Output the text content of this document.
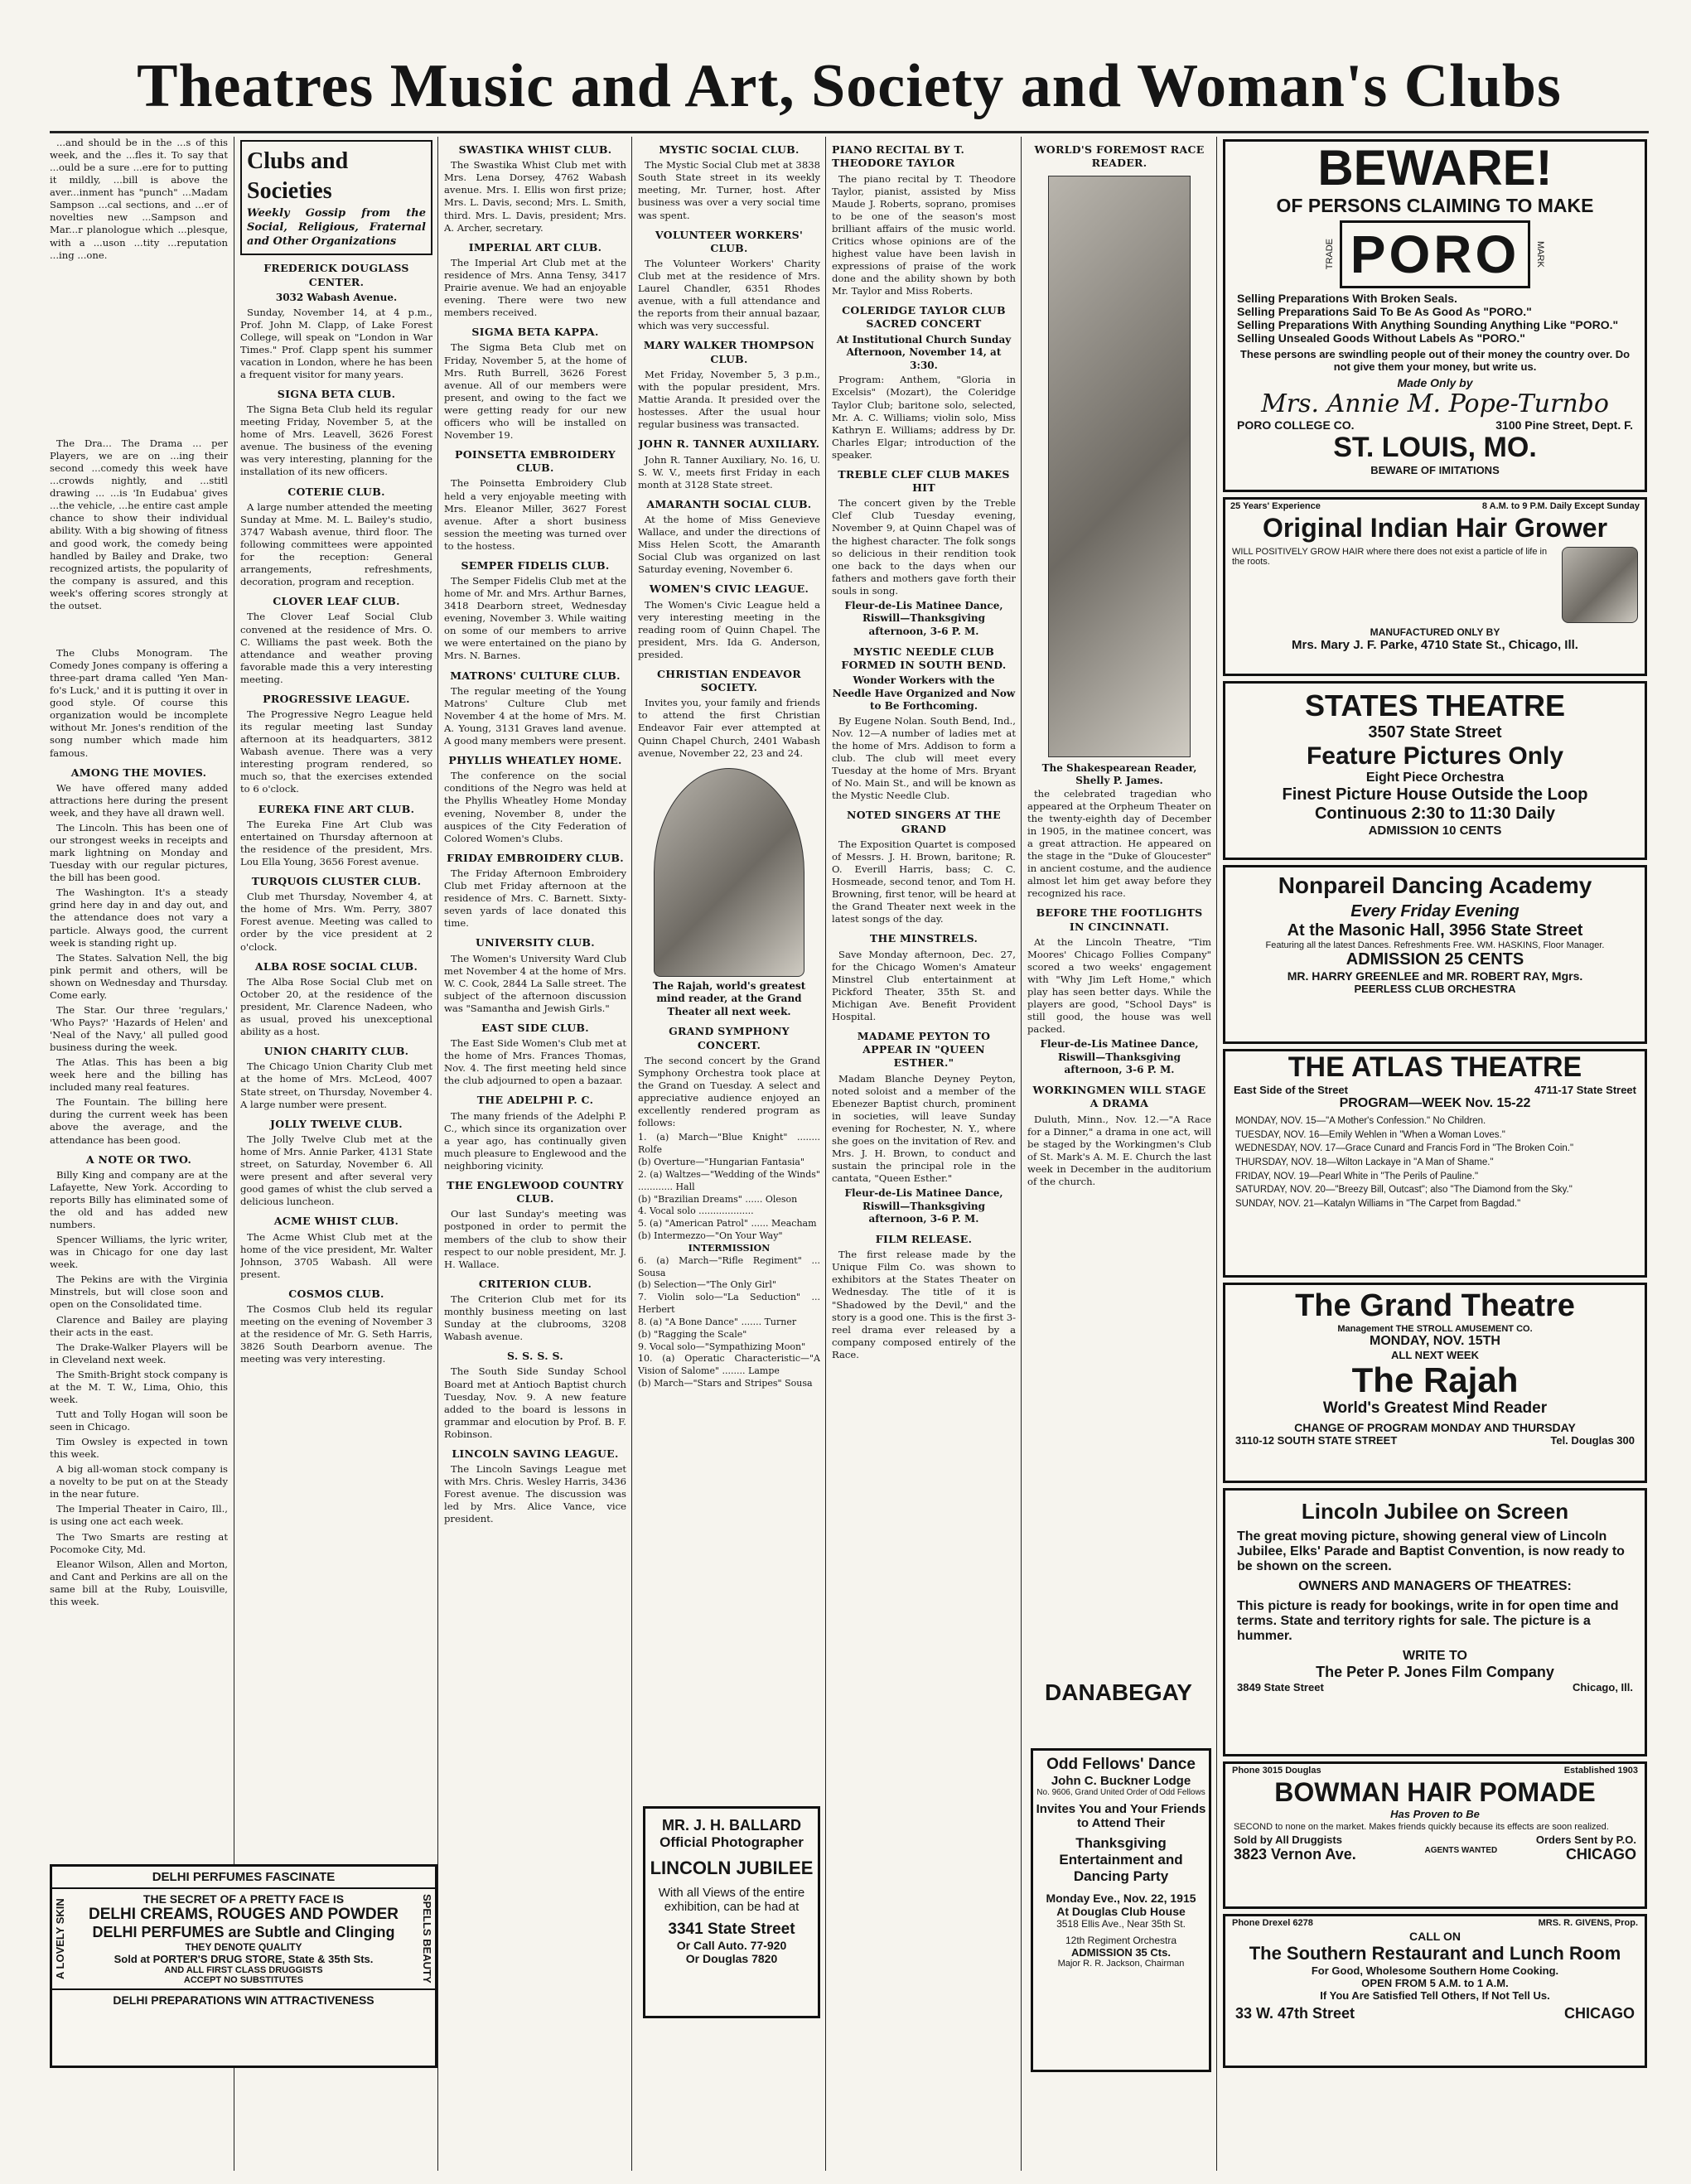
Theatres Music and Art, Society and Woman's Clubs

...and should be in the ...s of this week, and the ...fles it. To say that ...ould be a sure ...ere for to putting it mildly, ...bill is above the aver...inment has "punch" ...Madam Sampson ...cal sections, and ...er of novelties new ...Sampson and Mar...r planologue which ...plesque, with a ...uson ...tity ...reputation ...ing ...one.

The Dra... The Drama ... per Players, we are on ...ing their second ...comedy this week have ...crowds nightly, and ...stitl drawing ... ...is 'In Eudabua' gives ...the vehicle, ...he entire cast ample chance to show their individual ability. With a big showing of fitness and good work, the comedy being handled by Bailey and Drake, two recognized artists, the popularity of the company is assured, and this week's offering scores strongly at the outset.

The Clubs Monogram. The Comedy Jones company is offering a three-part drama called 'Yen Man-fo's Luck,' and it is putting it over in good style. Of course this organization would be incomplete without Mr. Jones's rendition of the song number which made him famous.

AMONG THE MOVIES.

We have offered many added attractions here during the present week, and they have all drawn well.

The Lincoln. This has been one of our strongest weeks in receipts and mark lightning on Monday and Tuesday with our regular pictures, the bill has been good.

The Washington. It's a steady grind here day in and day out, and the attendance does not vary a particle. Always good, the current week is standing right up.

The States. Salvation Nell, the big pink permit and others, will be shown on Wednesday and Thursday. Come early.

The Star. Our three 'regulars,' 'Who Pays?' 'Hazards of Helen' and 'Neal of the Navy,' all pulled good business during the week.

The Atlas. This has been a big week here and the billing has included many real features.

The Fountain. The billing here during the current week has been above the average, and the attendance has been good.

A NOTE OR TWO.

Billy King and company are at the Lafayette, New York. According to reports Billy has eliminated some of the old and has added new numbers.

Spencer Williams, the lyric writer, was in Chicago for one day last week.

The Pekins are with the Virginia Minstrels, but will close soon and open on the Consolidated time.

Clarence and Bailey are playing their acts in the east.

The Drake-Walker Players will be in Cleveland next week.

The Smith-Bright stock company is at the M. T. W., Lima, Ohio, this week.

Tutt and Tolly Hogan will soon be seen in Chicago.

Tim Owsley is expected in town this week.

A big all-woman stock company is a novelty to be put on at the Steady in the near future.

The Imperial Theater in Cairo, Ill., is using one act each week.

The Two Smarts are resting at Pocomoke City, Md.

Eleanor Wilson, Allen and Morton, and Cant and Perkins are all on the same bill at the Ruby, Louisville, this week.

Clubs and Societies
Weekly Gossip from the Social, Religious, Fraternal and Other Organizations
FREDERICK DOUGLASS CENTER.
3032 Wabash Avenue.

Sunday, November 14, at 4 p.m., Prof. John M. Clapp, of Lake Forest College, will speak on "London in War Times." Prof. Clapp spent his summer vacation in London, where he has been a frequent visitor for many years.

SIGNA BETA CLUB.

The Signa Beta Club held its regular meeting Friday, November 5, at the home of Mrs. Leavell, 3626 Forest avenue. The business of the evening was very interesting, planning for the installation of its new officers.

COTERIE CLUB.

A large number attended the meeting Sunday at Mme. M. L. Bailey's studio, 3747 Wabash avenue, third floor. The following committees were appointed for the reception: General arrangements, refreshments, decoration, program and reception.

CLOVER LEAF CLUB.

The Clover Leaf Social Club convened at the residence of Mrs. O. C. Williams the past week. Both the attendance and weather proving favorable made this a very interesting meeting.

PROGRESSIVE LEAGUE.

The Progressive Negro League held its regular meeting last Sunday afternoon at its headquarters, 3812 Wabash avenue. There was a very interesting program rendered, so much so, that the exercises extended to 6 o'clock.

EUREKA FINE ART CLUB.

The Eureka Fine Art Club was entertained on Thursday afternoon at the residence of the president, Mrs. Lou Ella Young, 3656 Forest avenue.

TURQUOIS CLUSTER CLUB.

Club met Thursday, November 4, at the home of Mrs. Wm. Perry, 3807 Forest avenue. Meeting was called to order by the vice president at 2 o'clock.

ALBA ROSE SOCIAL CLUB.

The Alba Rose Social Club met on October 20, at the residence of the president, Mr. Clarence Nadeen, who as usual, proved his unexceptional ability as a host.

UNION CHARITY CLUB.

The Chicago Union Charity Club met at the home of Mrs. McLeod, 4007 State street, on Thursday, November 4. A large number were present.

JOLLY TWELVE CLUB.

The Jolly Twelve Club met at the home of Mrs. Annie Parker, 4131 State street, on Saturday, November 6. All were present and after several very good games of whist the club served a delicious luncheon.

ACME WHIST CLUB.

The Acme Whist Club met at the home of the vice president, Mr. Walter Johnson, 3705 Wabash. All were present.

COSMOS CLUB.

The Cosmos Club held its regular meeting on the evening of November 3 at the residence of Mr. G. Seth Harris, 3826 South Dearborn avenue. The meeting was very interesting.

SWASTIKA WHIST CLUB.

The Swastika Whist Club met with Mrs. Lena Dorsey, 4762 Wabash avenue. Mrs. I. Ellis won first prize; Mrs. L. Davis, second; Mrs. L. Smith, third. Mrs. L. Davis, president; Mrs. A. Archer, secretary.

IMPERIAL ART CLUB.

The Imperial Art Club met at the residence of Mrs. Anna Tensy, 3417 Prairie avenue. We had an enjoyable evening. There were two new members received.

SIGMA BETA KAPPA.

The Sigma Beta Club met on Friday, November 5, at the home of Mrs. Ruth Burrell, 3626 Forest avenue. All of our members were present, and owing to the fact we were getting ready for our new officers who will be installed on November 19.

POINSETTA EMBROIDERY CLUB.

The Poinsetta Embroidery Club held a very enjoyable meeting with Mrs. Eleanor Miller, 3627 Forest avenue. After a short business session the meeting was turned over to the hostess.

SEMPER FIDELIS CLUB.

The Semper Fidelis Club met at the home of Mr. and Mrs. Arthur Barnes, 3418 Dearborn street, Wednesday evening, November 3. While waiting on some of our members to arrive we were entertained on the piano by Mrs. N. Barnes.

MATRONS' CULTURE CLUB.

The regular meeting of the Young Matrons' Culture Club met November 4 at the home of Mrs. M. A. Young, 3131 Graves land avenue. A good many members were present.

PHYLLIS WHEATLEY HOME.

The conference on the social conditions of the Negro was held at the Phyllis Wheatley Home Monday evening, November 8, under the auspices of the City Federation of Colored Women's Clubs.

FRIDAY EMBROIDERY CLUB.

The Friday Afternoon Embroidery Club met Friday afternoon at the residence of Mrs. C. Barnett. Sixty-seven yards of lace donated this time.

UNIVERSITY CLUB.

The Women's University Ward Club met November 4 at the home of Mrs. W. C. Cook, 2844 La Salle street. The subject of the afternoon discussion was "Samantha and Jewish Girls."

EAST SIDE CLUB.

The East Side Women's Club met at the home of Mrs. Frances Thomas, Nov. 4. The first meeting held since the club adjourned to open a bazaar.

THE ADELPHI P. C.

The many friends of the Adelphi P. C., which since its organization over a year ago, has continually given much pleasure to Englewood and the neighboring vicinity.

THE ENGLEWOOD COUNTRY CLUB.

Our last Sunday's meeting was postponed in order to permit the members of the club to show their respect to our noble president, Mr. J. H. Wallace.

CRITERION CLUB.

The Criterion Club met for its monthly business meeting on last Sunday at the clubrooms, 3208 Wabash avenue.

S. S. S. S.

The South Side Sunday School Board met at Antioch Baptist church Tuesday, Nov. 9. A new feature added to the board is lessons in grammar and elocution by Prof. B. F. Robinson.

LINCOLN SAVING LEAGUE.

The Lincoln Savings League met with Mrs. Chris. Wesley Harris, 3436 Forest avenue. The discussion was led by Mrs. Alice Vance, vice president.

MYSTIC SOCIAL CLUB.

The Mystic Social Club met at 3838 South State street in its weekly meeting, Mr. Turner, host. After business was over a very social time was spent.

VOLUNTEER WORKERS' CLUB.

The Volunteer Workers' Charity Club met at the residence of Mrs. Laurel Chandler, 6351 Rhodes avenue, with a full attendance and the reports from their annual bazaar, which was very successful.

MARY WALKER THOMPSON CLUB.

Met Friday, November 5, 3 p.m., with the popular president, Mrs. Mattie Aranda. It presided over the hostesses. After the usual hour regular business was transacted.

JOHN R. TANNER AUXILIARY.

John R. Tanner Auxiliary, No. 16, U. S. W. V., meets first Friday in each month at 3128 State street.

AMARANTH SOCIAL CLUB.

At the home of Miss Genevieve Wallace, and under the directions of Miss Helen Scott, the Amaranth Social Club was organized on last Saturday evening, November 6.

WOMEN'S CIVIC LEAGUE.

The Women's Civic League held a very interesting meeting in the reading room of Quinn Chapel. The president, Mrs. Ida G. Anderson, presided.

CHRISTIAN ENDEAVOR SOCIETY.

Invites you, your family and friends to attend the first Christian Endeavor Fair ever attempted at Quinn Chapel Church, 2401 Wabash avenue, November 22, 23 and 24.

The Rajah, world's greatest mind reader, at the Grand Theater all next week.
GRAND SYMPHONY CONCERT.

The second concert by the Grand Symphony Orchestra took place at the Grand on Tuesday. A select and appreciative audience enjoyed an excellently rendered program as follows:

1. (a) March—"Blue Knight" ........ Rolfe
(b) Overture—"Hungarian Fantasia"
2. (a) Waltzes—"Wedding of the Winds" ............ Hall
(b) "Brazilian Dreams" ...... Oleson
4. Vocal solo ...................
5. (a) "American Patrol" ...... Meacham
(b) Intermezzo—"On Your Way"
INTERMISSION
6. (a) March—"Rifle Regiment" ... Sousa
(b) Selection—"The Only Girl"
7. Violin solo—"La Seduction" ... Herbert
8. (a) "A Bone Dance" ....... Turner
(b) "Ragging the Scale"
9. Vocal solo—"Sympathizing Moon"
10. (a) Operatic Characteristic—"A Vision of Salome" ........ Lampe
(b) March—"Stars and Stripes" Sousa
MR. J. H. BALLARD
Official Photographer
LINCOLN JUBILEE
With all Views of the entire exhibition, can be had at
3341 State Street
Or Call Auto. 77-920
Or Douglas 7820
PIANO RECITAL BY T. THEODORE TAYLOR

The piano recital by T. Theodore Taylor, pianist, assisted by Miss Maude J. Roberts, soprano, promises to be one of the season's most brilliant affairs of the music world. Critics whose opinions are of the highest value have been lavish in expressions of praise of the work done and the ability shown by both Mr. Taylor and Miss Roberts.

COLERIDGE TAYLOR CLUB SACRED CONCERT
At Institutional Church Sunday Afternoon, November 14, at 3:30.

Program: Anthem, "Gloria in Excelsis" (Mozart), the Coleridge Taylor Club; baritone solo, selected, Mr. A. C. Williams; violin solo, Miss Kathryn E. Williams; address by Dr. Charles Elgar; introduction of the speaker.

TREBLE CLEF CLUB MAKES HIT

The concert given by the Treble Clef Club Tuesday evening, November 9, at Quinn Chapel was of the highest character. The folk songs so delicious in their rendition took one back to the days when our fathers and mothers gave forth their souls in song.

Fleur-de-Lis Matinee Dance, Riswill—Thanksgiving afternoon, 3-6 P. M.
MYSTIC NEEDLE CLUB FORMED IN SOUTH BEND.
Wonder Workers with the Needle Have Organized and Now to Be Forthcoming.

By Eugene Nolan. South Bend, Ind., Nov. 12—A number of ladies met at the home of Mrs. Addison to form a club. The club will meet every Tuesday at the home of Mrs. Bryant of No. Main St., and will be known as the Mystic Needle Club.

NOTED SINGERS AT THE GRAND

The Exposition Quartet is composed of Messrs. J. H. Brown, baritone; R. O. Everill Harris, bass; C. C. Hosmeade, second tenor, and Tom H. Browning, first tenor, will be heard at the Grand Theater next week in the latest songs of the day.

THE MINSTRELS.

Save Monday afternoon, Dec. 27, for the Chicago Women's Amateur Minstrel Club entertainment at Pickford Theater, 35th St. and Michigan Ave. Benefit Provident Hospital.

MADAME PEYTON TO APPEAR IN "QUEEN ESTHER."

Madam Blanche Deyney Peyton, noted soloist and a member of the Ebenezer Baptist church, prominent in societies, will leave Sunday evening for Rochester, N. Y., where she goes on the invitation of Rev. and Mrs. J. H. Brown, to conduct and sustain the principal role in the cantata, "Queen Esther."

Fleur-de-Lis Matinee Dance, Riswill—Thanksgiving afternoon, 3-6 P. M.
FILM RELEASE.

The first release made by the Unique Film Co. was shown to exhibitors at the States Theater on Wednesday. The title of it is "Shadowed by the Devil," and the story is a good one. This is the first 3-reel drama ever released by a company composed entirely of the Race.

WORLD'S FOREMOST RACE READER.
The Shakespearean Reader, Shelly P. James.

the celebrated tragedian who appeared at the Orpheum Theater on the twenty-eighth day of December in 1905, in the matinee concert, was a great attraction. He appeared on the stage in the "Duke of Gloucester" in ancient costume, and the audience almost let him get away before they recognized his race.

BEFORE THE FOOTLIGHTS IN CINCINNATI.

At the Lincoln Theatre, "Tim Moores' Chicago Follies Company" scored a two weeks' engagement with "Why Jim Left Home," which play has seen better days. While the players are good, "School Days" is still good, the house was well packed.

Fleur-de-Lis Matinee Dance, Riswill—Thanksgiving afternoon, 3-6 P. M.
WORKINGMEN WILL STAGE A DRAMA

Duluth, Minn., Nov. 12.—"A Race for a Dinner," a drama in one act, will be staged by the Workingmen's Club of St. Mark's A. M. E. Church the last week in December in the auditorium of the church.

DANABEGAY
Odd Fellows' Dance
John C. Buckner Lodge
No. 9606, Grand United Order of Odd Fellows
Invites You and Your Friends to Attend Their
Thanksgiving Entertainment and Dancing Party
Monday Eve., Nov. 22, 1915
At Douglas Club House
3518 Ellis Ave., Near 35th St.
12th Regiment Orchestra
ADMISSION 35 Cts.
Major R. R. Jackson, Chairman
BEWARE!
OF PERSONS CLAIMING TO MAKE
TRADE PORO	MARK
Selling Preparations With Broken Seals.
Selling Preparations Said To Be As Good As "PORO."
Selling Preparations With Anything Sounding Anything Like "PORO."
Selling Unsealed Goods Without Labels As "PORO."
These persons are swindling people out of their money the country over. Do not give them your money, but write us.
Made Only by
Mrs. Annie M. Pope-Turnbo
PORO COLLEGE CO.	3100 Pine Street, Dept. F.
ST. LOUIS, MO.
BEWARE OF IMITATIONS
25 Years' Experience	8 A.M. to 9 P.M. Daily Except Sunday
Original Indian Hair Grower
WILL POSITIVELY GROW HAIR where there does not exist a particle of life in the roots.
MANUFACTURED ONLY BY
Mrs. Mary J. F. Parke, 4710 State St., Chicago, Ill.
STATES THEATRE
3507 State Street
Feature Pictures Only
Eight Piece Orchestra
Finest Picture House Outside the Loop
Continuous 2:30 to 11:30 Daily
ADMISSION 10 CENTS
Nonpareil Dancing Academy
Every Friday Evening
At the Masonic Hall, 3956 State Street
Featuring all the latest Dances. Refreshments Free. WM. HASKINS, Floor Manager.
ADMISSION 25 CENTS
MR. HARRY GREENLEE and MR. ROBERT RAY, Mgrs.
PEERLESS CLUB ORCHESTRA
THE ATLAS THEATRE
East Side of the Street	4711-17 State Street
PROGRAM—WEEK Nov. 15-22
MONDAY, NOV. 15—"A Mother's Confession." No Children.
TUESDAY, NOV. 16—Emily Wehlen in "When a Woman Loves."
WEDNESDAY, NOV. 17—Grace Cunard and Francis Ford in "The Broken Coin."
THURSDAY, NOV. 18—Wilton Lackaye in "A Man of Shame."
FRIDAY, NOV. 19—Pearl White in "The Perils of Pauline."
SATURDAY, NOV. 20—"Breezy Bill, Outcast"; also "The Diamond from the Sky."
SUNDAY, NOV. 21—Katalyn Williams in "The Carpet from Bagdad."
The Grand Theatre
Management THE STROLL AMUSEMENT CO.
MONDAY, NOV. 15TH
ALL NEXT WEEK
The Rajah
World's Greatest Mind Reader
CHANGE OF PROGRAM MONDAY AND THURSDAY
3110-12 SOUTH STATE STREET	Tel. Douglas 300
Lincoln Jubilee on Screen
The great moving picture, showing general view of Lincoln Jubilee, Elks' Parade and Baptist Convention, is now ready to be shown on the screen.
OWNERS AND MANAGERS OF THEATRES:
This picture is ready for bookings, write in for open time and terms. State and territory rights for sale. The picture is a hummer.
WRITE TO
The Peter P. Jones Film Company
3849 State Street	Chicago, Ill.
Phone 3015 Douglas	Established 1903
BOWMAN HAIR POMADE
Has Proven to Be
SECOND to none on the market. Makes friends quickly because its effects are soon realized.
Sold by All Druggists	Orders Sent by P.O.
3823 Vernon Ave.	AGENTS WANTED	CHICAGO
Phone Drexel 6278	MRS. R. GIVENS, Prop.
CALL ON
The Southern Restaurant and Lunch Room
For Good, Wholesome Southern Home Cooking.
OPEN FROM 5 A.M. to 1 A.M.
If You Are Satisfied Tell Others, If Not Tell Us.
33 W. 47th Street	CHICAGO
DELHI PERFUMES FASCINATE
A LOVELY SKIN	THE SECRET OF A PRETTY FACE IS
DELHI CREAMS, ROUGES AND POWDER
DELHI PERFUMES are Subtle and Clinging
THEY DENOTE QUALITY
Sold at PORTER'S DRUG STORE, State & 35th Sts.
AND ALL FIRST CLASS DRUGGISTS
ACCEPT NO SUBSTITUTES	SPELLS BEAUTY
DELHI PREPARATIONS WIN ATTRACTIVENESS
